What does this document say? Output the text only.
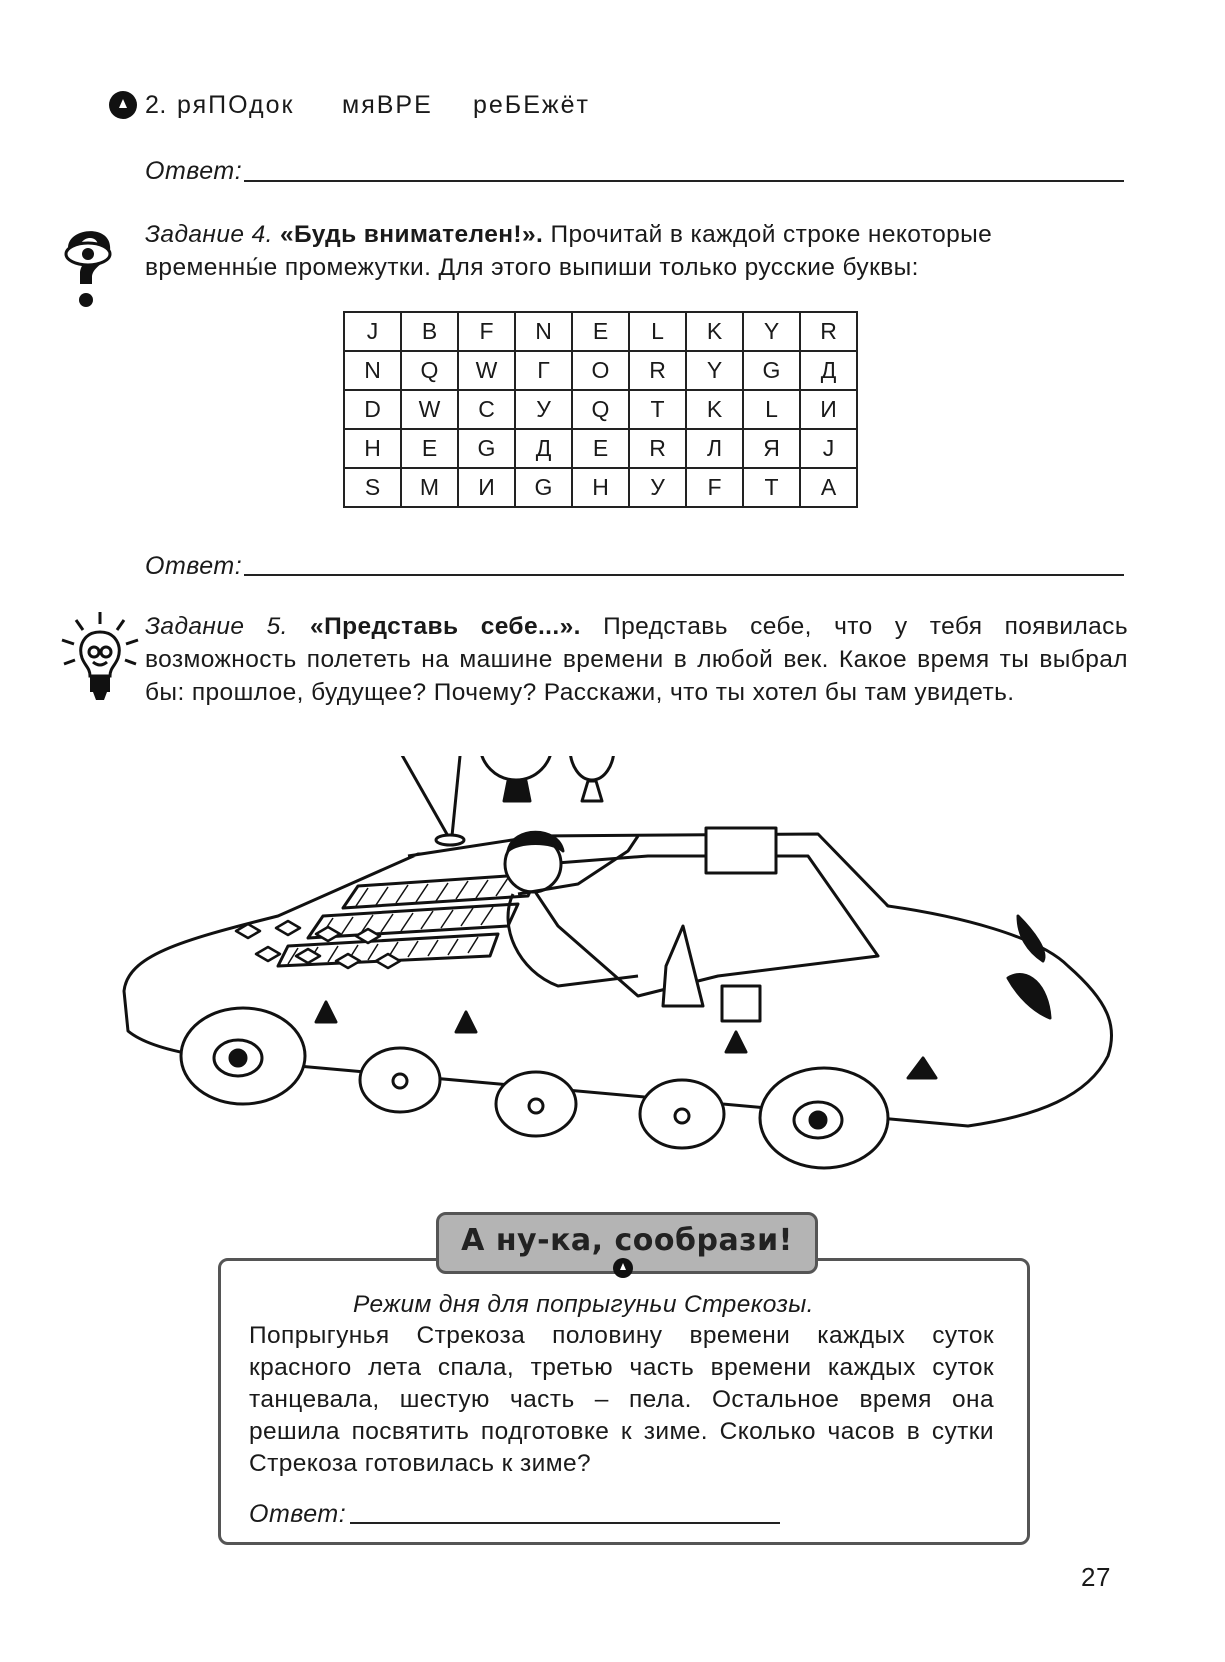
2. ряПОдок мяВРЕ реБЕжёт
Ответ:
Задание 4. «Будь внимателен!». Прочитай в каждой строке некоторые
временны́е промежутки. Для этого выпиши только русские буквы:
J	B	F	N	E	L	K	Y	R
N	Q	W	Г	O	R	Y	G	Д
D	W	C	У	Q	T	K	L	И
H	E	G	Д	E	R	Л	Я	J
S	M	И	G	H	У	F	T	A
Ответ:
Задание 5. «Представь себе...». Представь себе, что у тебя появилась возможность полететь на машине времени в любой век. Какое время ты выбрал бы: прошлое, будущее? Почему? Расскажи, что ты хотел бы там увидеть.
А ну-ка, сообрази!
Режим дня для попрыгуньи Стрекозы.
Попрыгунья Стрекоза половину времени каждых суток красного лета спала, третью часть времени каждых суток танцевала, шестую часть – пела. Остальное время она решила посвятить подготовке к зиме. Сколько часов в сутки Стрекоза готовилась к зиме?
Ответ:
27
